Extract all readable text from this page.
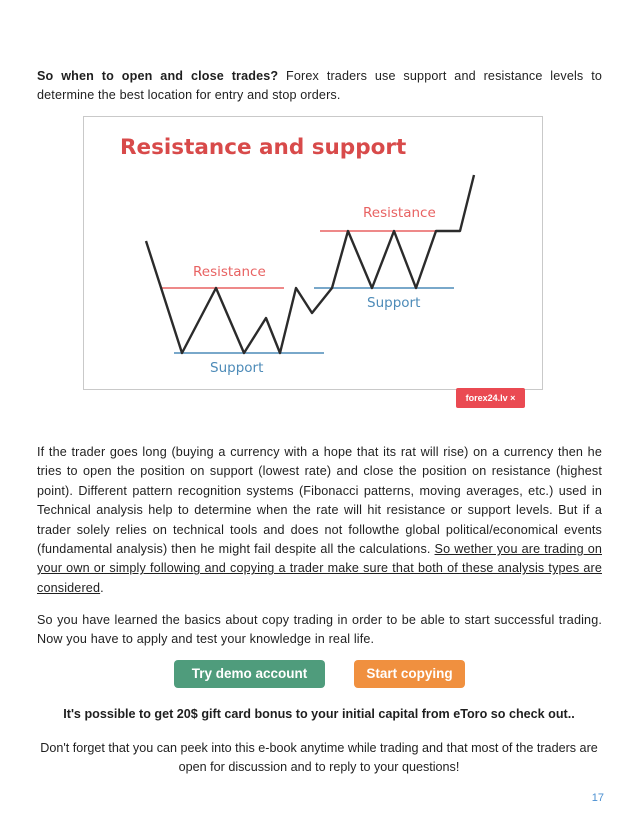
So when to open and close trades? Forex traders use support and resistance levels to determine the best location for entry and stop orders.
Resistance and support
Resistance
Support
Resistance
Support
forex24.lv ×
If the trader goes long (buying a currency with a hope that its rat will rise) on a currency then he tries to open the position on support (lowest rate) and close the position on resistance (highest point). Different pattern recognition systems (Fibonacci patterns, moving averages, etc.) used in Technical analysis help to determine when the rate will hit resistance or support levels. But if a trader solely relies on technical tools and does not followthe global political/economical events (fundamental analysis) then he might fail despite all the calculations. So wether you are trading on your own or simply following and copying a trader make sure that both of these analysis types are considered.
So you have learned the basics about copy trading in order to be able to start successful trading. Now you have to apply and test your knowledge in real life.
Try demo account	Start copying
It's possible to get 20$ gift card bonus to your initial capital from eToro so check out..
Don't forget that you can peek into this e-book anytime while trading and that most of the traders are
open for discussion and to reply to your questions!
17
